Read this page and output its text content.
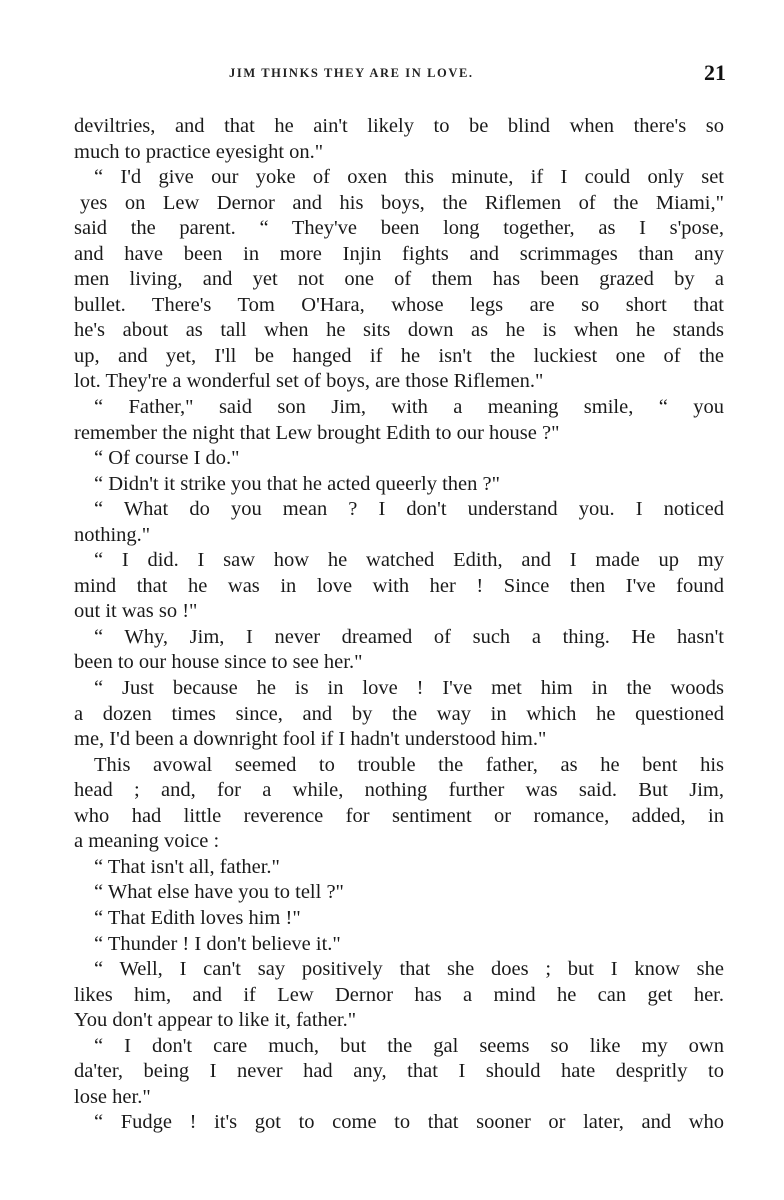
JIM THINKS THEY ARE IN LOVE.	21
deviltries, and that he ain't likely to be blind when there's so
much to practice eyesight on."
“ I'd give our yoke of oxen this minute, if I could only set
yes on Lew Dernor and his boys, the Riflemen of the Miami,"
said the parent. “ They've been long together, as I s'pose,
and have been in more Injin fights and scrimmages than any
men living, and yet not one of them has been grazed by a
bullet. There's Tom O'Hara, whose legs are so short that
he's about as tall when he sits down as he is when he stands
up, and yet, I'll be hanged if he isn't the luckiest one of the
lot. They're a wonderful set of boys, are those Riflemen."
“ Father," said son Jim, with a meaning smile, “ you
remember the night that Lew brought Edith to our house ?"
“ Of course I do."
“ Didn't it strike you that he acted queerly then ?"
“ What do you mean ? I don't understand you. I noticed
nothing."
“ I did. I saw how he watched Edith, and I made up my
mind that he was in love with her ! Since then I've found
out it was so !"
“ Why, Jim, I never dreamed of such a thing. He hasn't
been to our house since to see her."
“ Just because he is in love ! I've met him in the woods
a dozen times since, and by the way in which he questioned
me, I'd been a downright fool if I hadn't understood him."
This avowal seemed to trouble the father, as he bent his
head ; and, for a while, nothing further was said. But Jim,
who had little reverence for sentiment or romance, added, in
a meaning voice :
“ That isn't all, father."
“ What else have you to tell ?"
“ That Edith loves him !"
“ Thunder ! I don't believe it."
“ Well, I can't say positively that she does ; but I know she
likes him, and if Lew Dernor has a mind he can get her.
You don't appear to like it, father."
“ I don't care much, but the gal seems so like my own
da'ter, being I never had any, that I should hate despritly to
lose her."
“ Fudge ! it's got to come to that sooner or later, and who
